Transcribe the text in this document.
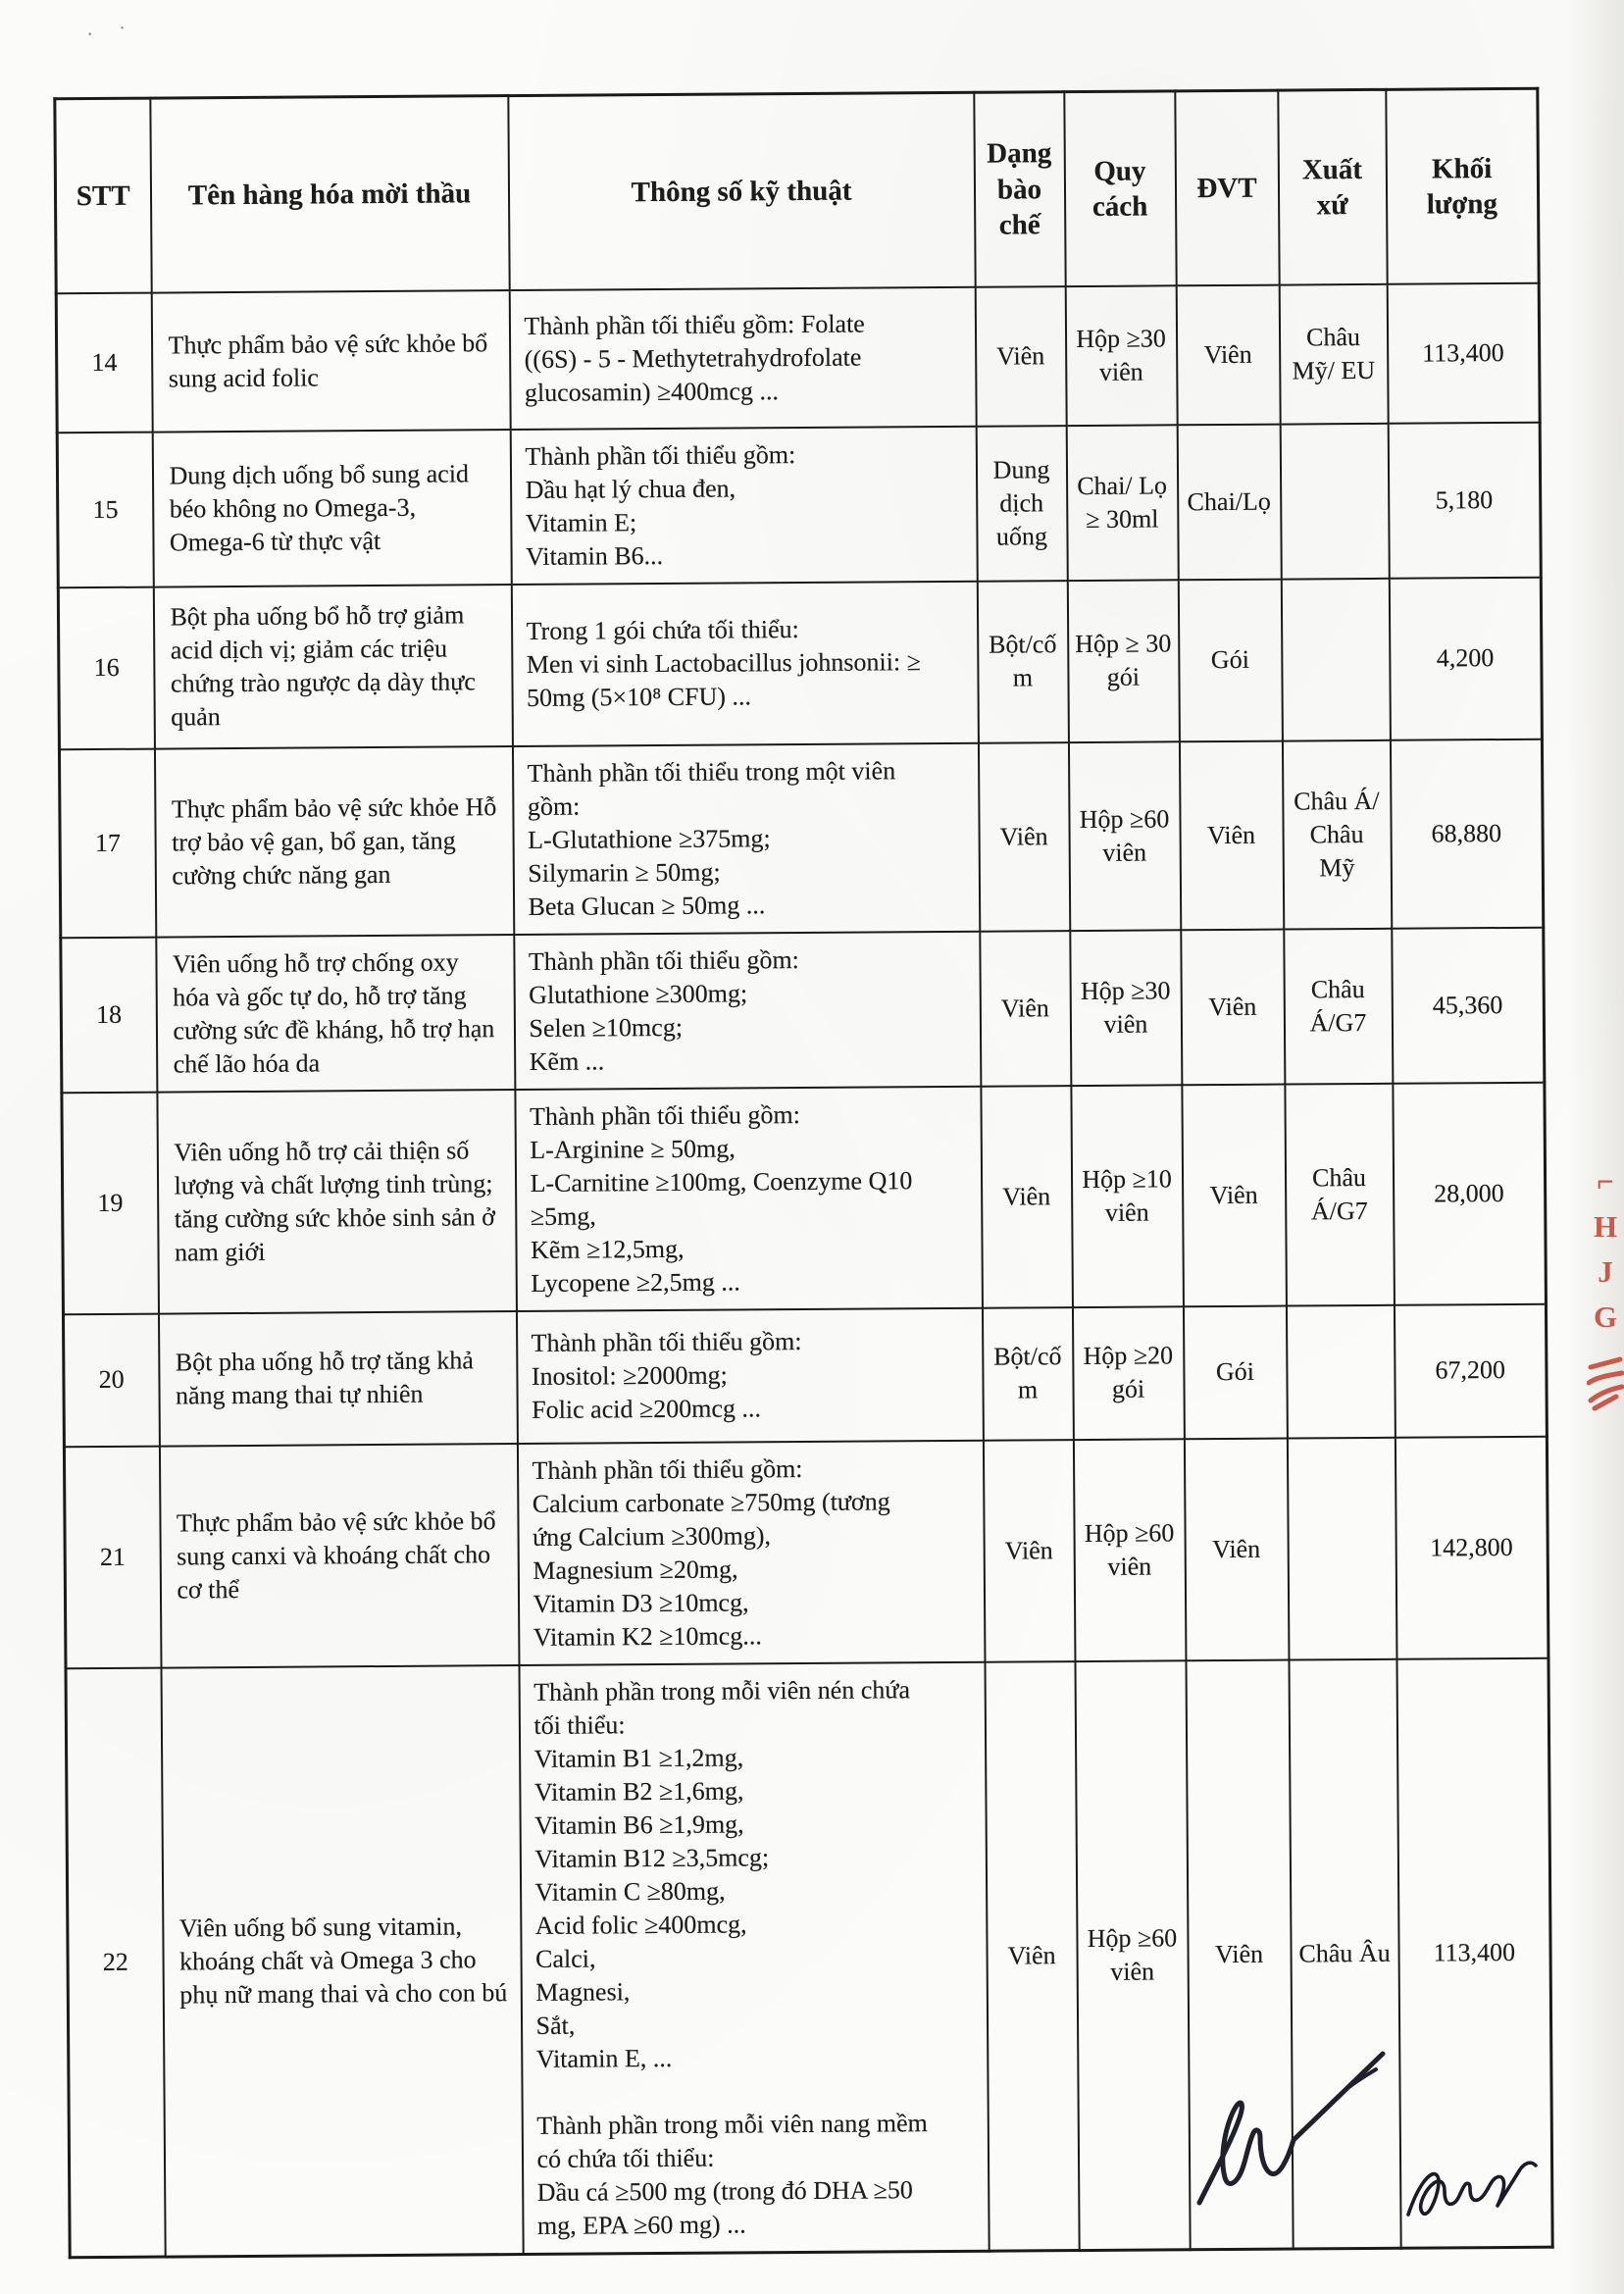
· ˙
STT	Tên hàng hóa mời thầu	Thông số kỹ thuật	Dạng bào chế	Quy cách	ĐVT	Xuất xứ	Khối lượng
14	Thực phẩm bảo vệ sức khỏe bổ sung acid folic	Thành phần tối thiểu gồm: Folate
((6S) - 5 - Methytetrahydrofolate
glucosamin) ≥400mcg ...	Viên	Hộp ≥30 viên	Viên	Châu Mỹ/ EU	113,400
15	Dung dịch uống bổ sung acid béo không no Omega-3, Omega-6 từ thực vật	Thành phần tối thiểu gồm:
Dầu hạt lý chua đen,
Vitamin E;
Vitamin B6...	Dung dịch uống	Chai/ Lọ ≥ 30ml	Chai/Lọ		5,180
16	Bột pha uống bổ hỗ trợ giảm acid dịch vị; giảm các triệu chứng trào ngược dạ dày thực quản	Trong 1 gói chứa tối thiểu:
Men vi sinh Lactobacillus johnsonii: ≥
50mg (5×10⁸ CFU) ...	Bột/cốm	Hộp ≥ 30 gói	Gói		4,200
17	Thực phẩm bảo vệ sức khỏe Hỗ trợ bảo vệ gan, bổ gan, tăng cường chức năng gan	Thành phần tối thiểu trong một viên
gồm:
L-Glutathione ≥375mg;
Silymarin ≥ 50mg;
Beta Glucan ≥ 50mg ...	Viên	Hộp ≥60 viên	Viên	Châu Á/ Châu Mỹ	68,880
18	Viên uống hỗ trợ chống oxy hóa và gốc tự do, hỗ trợ tăng cường sức đề kháng, hỗ trợ hạn chế lão hóa da	Thành phần tối thiểu gồm:
Glutathione ≥300mg;
Selen ≥10mcg;
Kẽm ...	Viên	Hộp ≥30 viên	Viên	Châu Á/G7	45,360
19	Viên uống hỗ trợ cải thiện số lượng và chất lượng tinh trùng; tăng cường sức khỏe sinh sản ở nam giới	
Thành phần tối thiểu gồm:
L-Arginine ≥ 50mg,
L-Carnitine ≥100mg, Coenzyme Q10
≥5mg,
Kẽm ≥12,5mg,
Lycopene ≥2,5mg ...
	Viên	Hộp ≥10 viên	Viên	Châu Á/G7	28,000
20	Bột pha uống hỗ trợ tăng khả năng mang thai tự nhiên	Thành phần tối thiểu gồm:
Inositol: ≥2000mg;
Folic acid ≥200mcg ...	Bột/cốm	Hộp ≥20 gói	Gói		67,200
21	Thực phẩm bảo vệ sức khỏe bổ sung canxi và khoáng chất cho cơ thể	
Thành phần tối thiểu gồm:
Calcium carbonate ≥750mg (tương
ứng Calcium ≥300mg),
Magnesium ≥20mg,
Vitamin D3 ≥10mcg,
Vitamin K2 ≥10mcg...
	Viên	Hộp ≥60 viên	Viên		142,800
22	Viên uống bổ sung vitamin, khoáng chất và Omega 3 cho phụ nữ mang thai và cho con bú	
Thành phần trong mỗi viên nén chứa
tối thiểu:
Vitamin B1 ≥1,2mg,
Vitamin B2 ≥1,6mg,
Vitamin B6 ≥1,9mg,
Vitamin B12 ≥3,5mcg;
Vitamin C ≥80mg,
Acid folic ≥400mcg,
Calci,
Magnesi,
Sắt,
Vitamin E, ...
Thành phần trong mỗi viên nang mềm
có chứa tối thiểu:
Dầu cá ≥500 mg (trong đó DHA ≥50
mg, EPA ≥60 mg) ...
	Viên	Hộp ≥60 viên	Viên	Châu Âu	113,400
⌐
H
J
G
